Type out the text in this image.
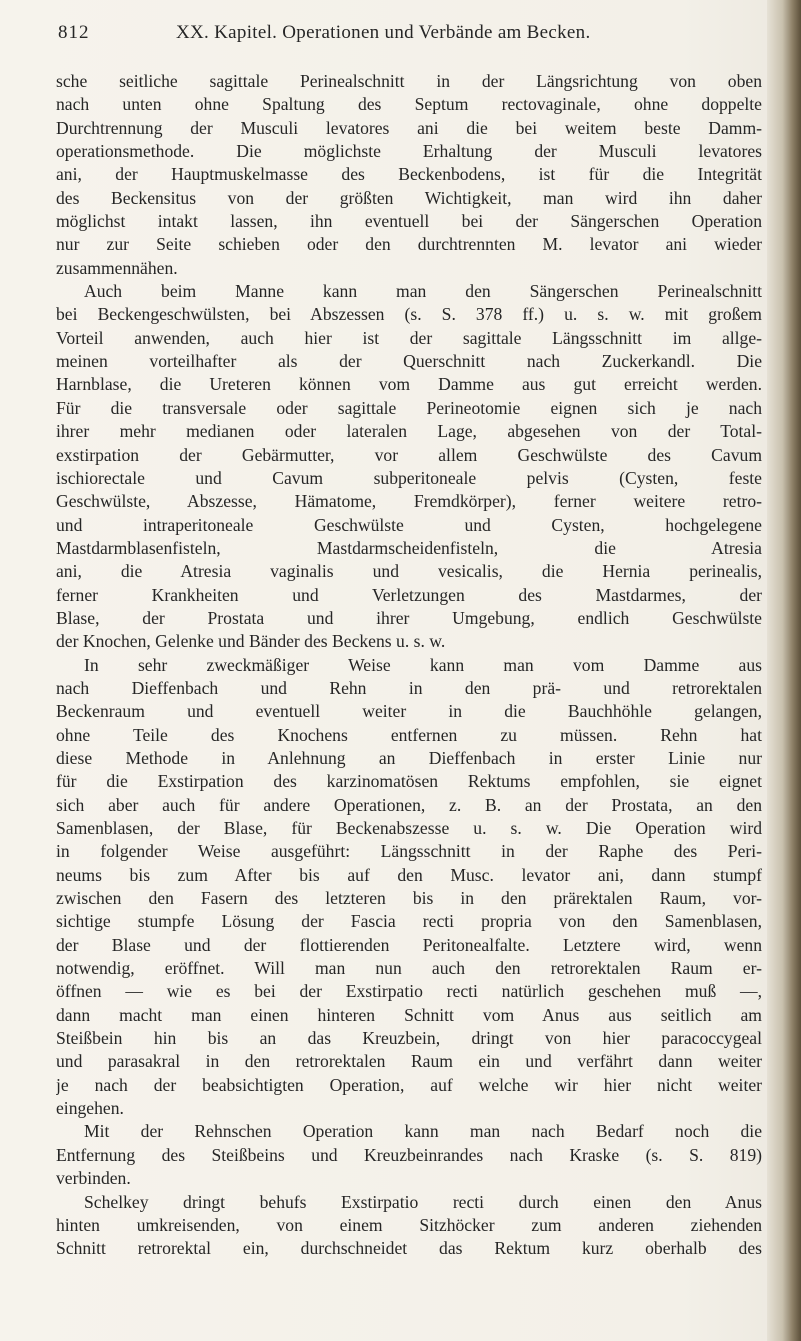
812	XX. Kapitel. Operationen und Verbände am Becken.
sche seitliche sagittale Perinealschnitt in der Längsrichtung von oben
nach unten ohne Spaltung des Septum rectovaginale, ohne doppelte
Durchtrennung der Musculi levatores ani die bei weitem beste Damm-
operationsmethode. Die möglichste Erhaltung der Musculi levatores
ani, der Hauptmuskelmasse des Beckenbodens, ist für die Integrität
des Beckensitus von der größten Wichtigkeit, man wird ihn daher
möglichst intakt lassen, ihn eventuell bei der Sängerschen Operation
nur zur Seite schieben oder den durchtrennten M. levator ani wieder
zusammennähen.
Auch beim Manne kann man den Sängerschen Perinealschnitt
bei Beckengeschwülsten, bei Abszessen (s. S. 378 ff.) u. s. w. mit großem
Vorteil anwenden, auch hier ist der sagittale Längsschnitt im allge-
meinen vorteilhafter als der Querschnitt nach Zuckerkandl. Die
Harnblase, die Ureteren können vom Damme aus gut erreicht werden.
Für die transversale oder sagittale Perineotomie eignen sich je nach
ihrer mehr medianen oder lateralen Lage, abgesehen von der Total-
exstirpation der Gebärmutter, vor allem Geschwülste des Cavum
ischiorectale und Cavum subperitoneale pelvis (Cysten, feste
Geschwülste, Abszesse, Hämatome, Fremdkörper), ferner weitere retro-
und intraperitoneale Geschwülste und Cysten, hochgelegene
Mastdarmblasenfisteln, Mastdarmscheidenfisteln, die Atresia
ani, die Atresia vaginalis und vesicalis, die Hernia perinealis,
ferner Krankheiten und Verletzungen des Mastdarmes, der
Blase, der Prostata und ihrer Umgebung, endlich Geschwülste
der Knochen, Gelenke und Bänder des Beckens u. s. w.
In sehr zweckmäßiger Weise kann man vom Damme aus
nach Dieffenbach und Rehn in den prä- und retrorektalen
Beckenraum und eventuell weiter in die Bauchhöhle gelangen,
ohne Teile des Knochens entfernen zu müssen. Rehn hat
diese Methode in Anlehnung an Dieffenbach in erster Linie nur
für die Exstirpation des karzinomatösen Rektums empfohlen, sie eignet
sich aber auch für andere Operationen, z. B. an der Prostata, an den
Samenblasen, der Blase, für Beckenabszesse u. s. w. Die Operation wird
in folgender Weise ausgeführt: Längsschnitt in der Raphe des Peri-
neums bis zum After bis auf den Musc. levator ani, dann stumpf
zwischen den Fasern des letzteren bis in den prärektalen Raum, vor-
sichtige stumpfe Lösung der Fascia recti propria von den Samenblasen,
der Blase und der flottierenden Peritonealfalte. Letztere wird, wenn
notwendig, eröffnet. Will man nun auch den retrorektalen Raum er-
öffnen — wie es bei der Exstirpatio recti natürlich geschehen muß —,
dann macht man einen hinteren Schnitt vom Anus aus seitlich am
Steißbein hin bis an das Kreuzbein, dringt von hier paracoccygeal
und parasakral in den retrorektalen Raum ein und verfährt dann weiter
je nach der beabsichtigten Operation, auf welche wir hier nicht weiter
eingehen.
Mit der Rehnschen Operation kann man nach Bedarf noch die
Entfernung des Steißbeins und Kreuzbeinrandes nach Kraske (s. S. 819)
verbinden.
Schelkey dringt behufs Exstirpatio recti durch einen den Anus
hinten umkreisenden, von einem Sitzhöcker zum anderen ziehenden
Schnitt retrorektal ein, durchschneidet das Rektum kurz oberhalb des
